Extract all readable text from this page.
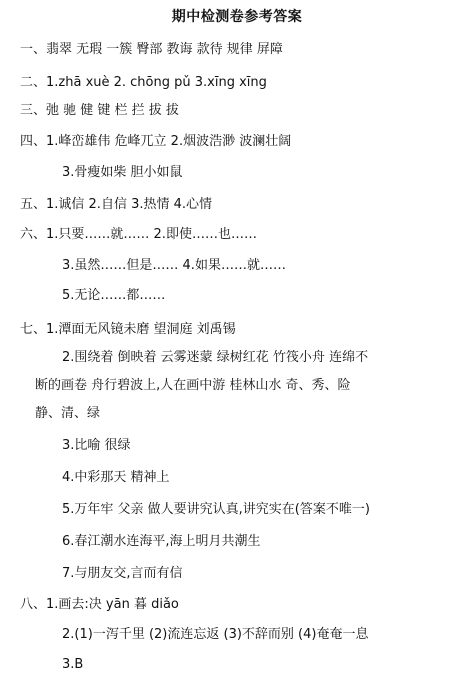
期中检测卷参考答案
一、翡翠 无瑕 一簇 臀部 教诲 款待 规律 屏障
二、1.zhā xuè 2. chōng pǔ 3.xīng xīng
三、弛 驰 健 键 栏 拦 拔 拔
四、1.峰峦雄伟 危峰兀立 2.烟波浩渺 波澜壮阔
3.骨瘦如柴 胆小如鼠
五、1.诚信 2.自信 3.热情 4.心情
六、1.只要……就…… 2.即使……也……
3.虽然……但是…… 4.如果……就……
5.无论……都……
七、1.潭面无风镜未磨 望洞庭 刘禹锡
2.围绕着 倒映着 云雾迷蒙 绿树红花 竹筏小舟 连绵不
断的画卷 舟行碧波上,人在画中游 桂林山水 奇、秀、险
静、清、绿
3.比喻 很绿
4.中彩那天 精神上
5.万年牢 父亲 做人要讲究认真,讲究实在(答案不唯一)
6.春江潮水连海平,海上明月共潮生
7.与朋友交,言而有信
八、1.画去:决 yān 暮 diǎo
2.(1)一泻千里 (2)流连忘返 (3)不辞而别 (4)奄奄一息
3.B
